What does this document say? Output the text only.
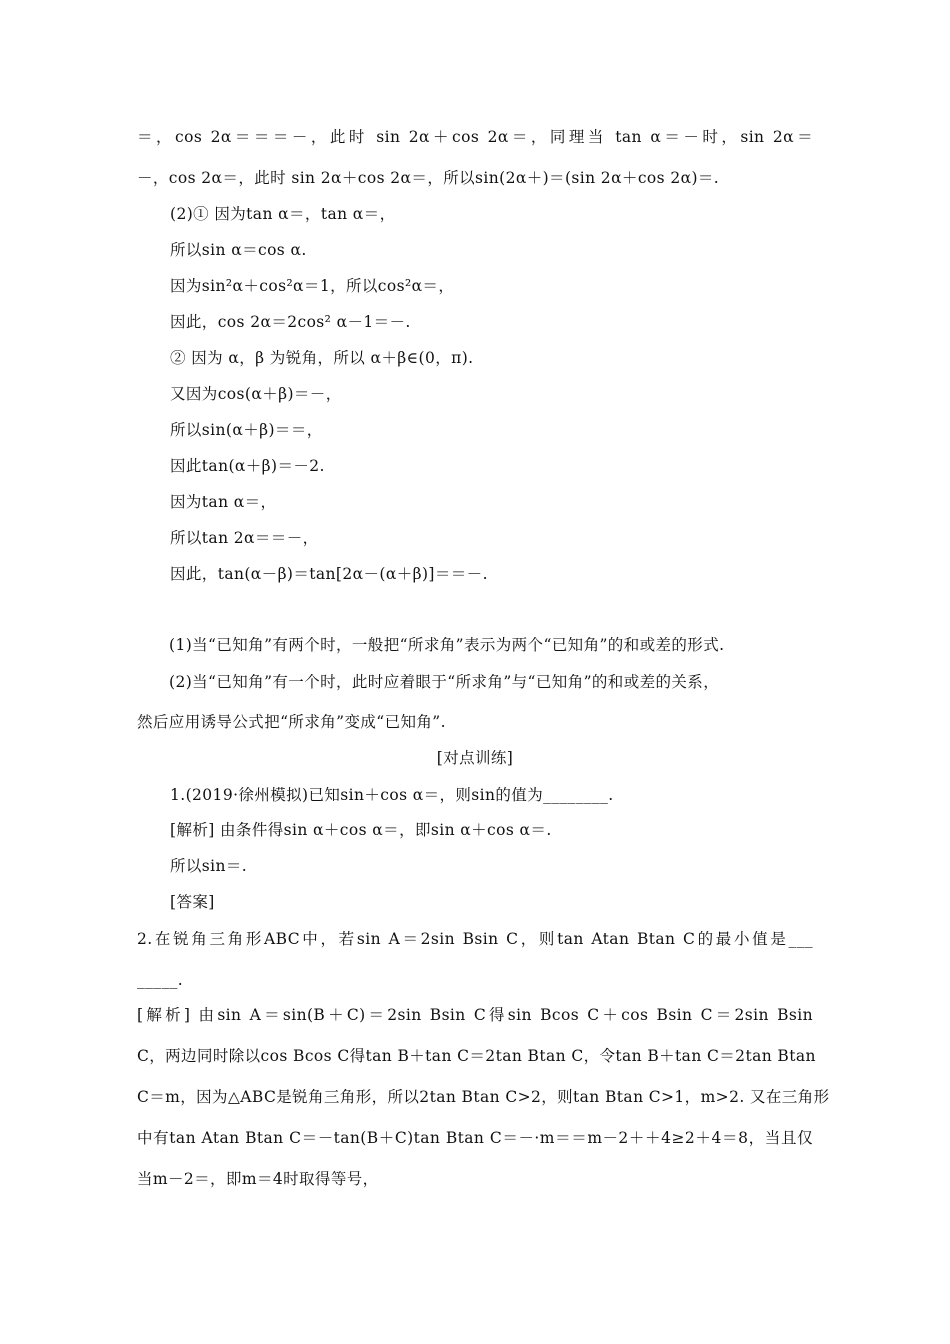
＝，cos 2α＝＝＝－，此时 sin 2α＋cos 2α＝，同理当 tan α＝－时，sin 2α＝
－，cos 2α＝，此时 sin 2α＋cos 2α＝，所以sin(2α＋)＝(sin 2α＋cos 2α)＝.
(2)① 因为tan α＝，tan α＝，
所以sin α＝cos α.
因为sin²α＋cos²α＝1，所以cos²α＝，
因此，cos 2α＝2cos² α－1＝－.
② 因为 α，β 为锐角，所以 α＋β∈(0，π).
又因为cos(α＋β)＝－，
所以sin(α＋β)＝＝，
因此tan(α＋β)＝－2.
因为tan α＝，
所以tan 2α＝＝－，
因此，tan(α－β)＝tan[2α－(α＋β)]＝＝－.
(1)当“已知角”有两个时，一般把“所求角”表示为两个“已知角”的和或差的形式.
(2)当“已知角”有一个时，此时应着眼于“所求角”与“已知角”的和或差的关系，
然后应用诱导公式把“所求角”变成“已知角”.
[对点训练]
1.(2019·徐州模拟)已知sin＋cos α＝，则sin的值为________.
[解析] 由条件得sin α＋cos α＝，即sin α＋cos α＝.
所以sin＝.
[答案]
2.在锐角三角形ABC中，若sin A＝2sin Bsin C，则tan Atan Btan C的最小值是___
_____.
[解析] 由sin A＝sin(B＋C)＝2sin Bsin C得sin Bcos C＋cos Bsin C＝2sin Bsin
C，两边同时除以cos Bcos C得tan B＋tan C＝2tan Btan C，令tan B＋tan C＝2tan Btan
C＝m，因为△ABC是锐角三角形，所以2tan Btan C>2，则tan Btan C>1，m>2. 又在三角形
中有tan Atan Btan C＝－tan(B＋C)tan Btan C＝－·m＝＝m－2＋＋4≥2＋4＝8，当且仅
当m－2＝，即m＝4时取得等号，
